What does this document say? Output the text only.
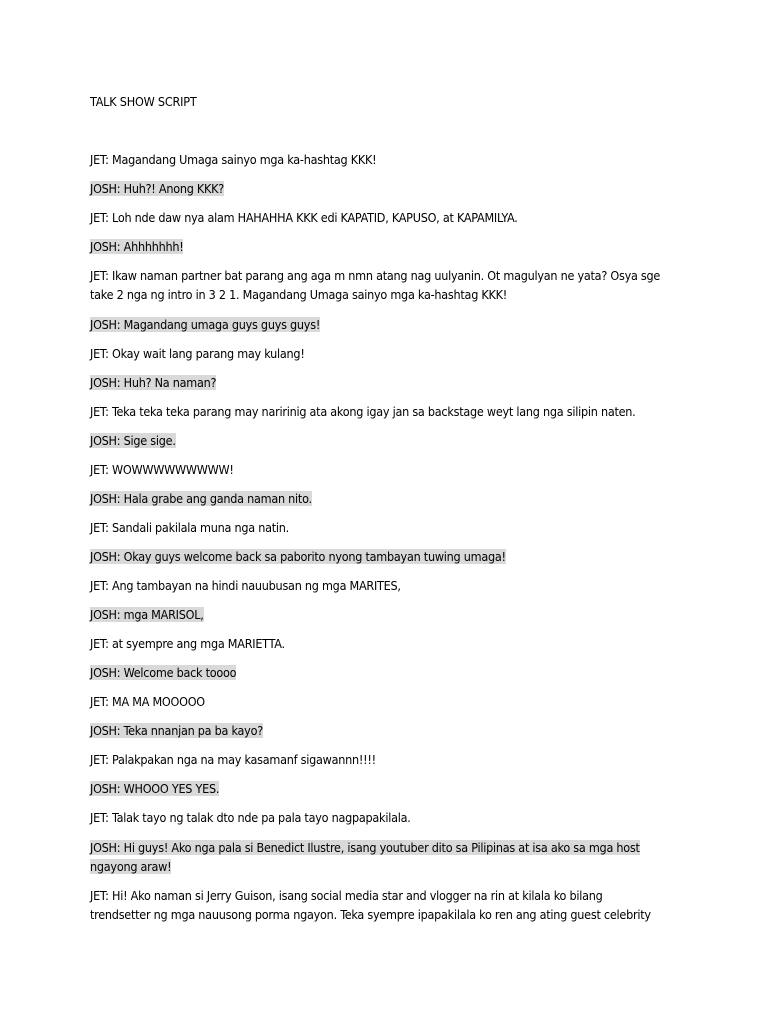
TALK SHOW SCRIPT
JET: Magandang Umaga sainyo mga ka-hashtag KKK!
JOSH: Huh?! Anong KKK?
JET: Loh nde daw nya alam HAHAHHA KKK edi KAPATID, KAPUSO, at KAPAMILYA.
JOSH: Ahhhhhhh!
JET: Ikaw naman partner bat parang ang aga m nmn atang nag uulyanin. Ot magulyan ne yata? Osya sge
take 2 nga ng intro in 3 2 1. Magandang Umaga sainyo mga ka-hashtag KKK!
JOSH: Magandang umaga guys guys guys!
JET: Okay wait lang parang may kulang!
JOSH: Huh? Na naman?
JET: Teka teka teka parang may naririnig ata akong igay jan sa backstage weyt lang nga silipin naten.
JOSH: Sige sige.
JET: WOWWWWWWWWW!
JOSH: Hala grabe ang ganda naman nito.
JET: Sandali pakilala muna nga natin.
JOSH: Okay guys welcome back sa paborito nyong tambayan tuwing umaga!
JET: Ang tambayan na hindi nauubusan ng mga MARITES,
JOSH: mga MARISOL,
JET: at syempre ang mga MARIETTA.
JOSH: Welcome back toooo
JET: MA MA MOOOOO
JOSH: Teka nnanjan pa ba kayo?
JET: Palakpakan nga na may kasamanf sigawannn!!!!
JOSH: WHOOO YES YES.
JET: Talak tayo ng talak dto nde pa pala tayo nagpapakilala.
JOSH: Hi guys! Ako nga pala si Benedict Ilustre, isang youtuber dito sa Pilipinas at isa ako sa mga host
ngayong araw!
JET: Hi! Ako naman si Jerry Guison, isang social media star and vlogger na rin at kilala ko bilang
trendsetter ng mga nauusong porma ngayon. Teka syempre ipapakilala ko ren ang ating guest celebrity
